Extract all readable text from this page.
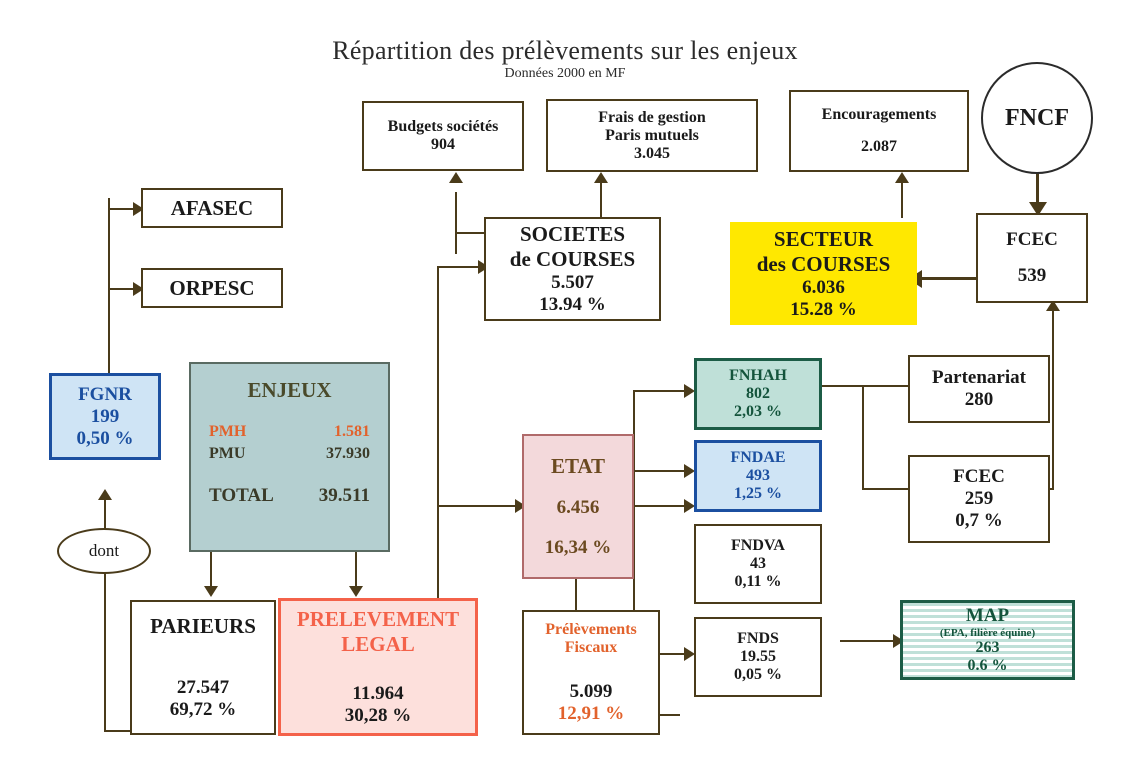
Répartition des prélèvements sur les enjeux
Données 2000 en MF
Budgets sociétés
904
Frais de gestion
Paris mutuels
3.045
Encouragements
2.087
FNCF
FCEC
539
AFASEC
ORPESC
SOCIETES
de COURSES
5.507
13.94 %
SECTEUR
des COURSES
6.036
15.28 %
FGNR
199
0,50 %
ENJEUX
PMH	1.581
PMU	37.930
TOTAL 39.511
dont
PARIEURS
27.547
69,72 %
PRELEVEMENT
LEGAL
11.964
30,28 %
ETAT
6.456
16,34 %
Prélèvements
Fiscaux
5.099
12,91 %
FNHAH
802
2,03 %
FNDAE
493
1,25 %
FNDVA
43
0,11 %
FNDS
19.55
0,05 %
Partenariat
280
FCEC
259
0,7 %
MAP
(EPA, filière équine)
263
0.6 %
